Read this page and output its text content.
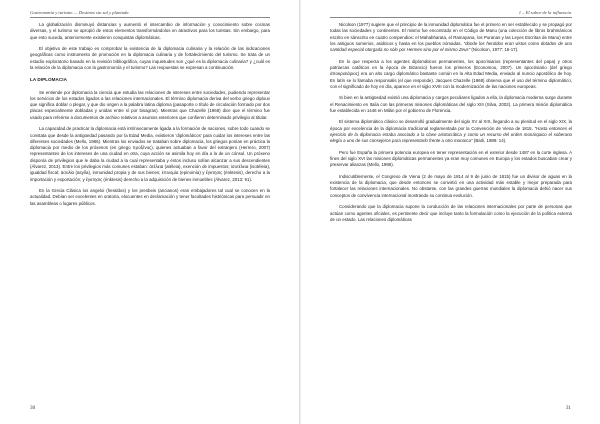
Gastronomía y turismo — Destinos sin sal y plantada

La globalización disminuyó distancias y aumentó el intercambio de información y conocimiento sobre cocinas diversas, y el turismo se apropió de estos elementos transformándolos en atractivos para los turistas. Sin embargo, para que esto suceda, anteriormente existieron conquistas diplomáticas.

El objetivo de este trabajo es comprobar la existencia de la diplomacia culinaria y la relación de las indicaciones geográficas como instrumento de promoción en la diplomacia culinaria y de fortalecimiento del turismo. Se trata de un estudio exploratorio basado en la revisión bibliográfica, cuyas inquietudes son ¿qué es la diplomacia culinaria? y ¿cuál es la relación de la diplomacia con la gastronomía y el turismo? Las respuestas se expresan a continuación.

LA DIPLOMACIA

Se entiende por diplomacia la ciencia que estudia las relaciones de intereses entre sociedades, pudiendo representar los servicios de los estados ligados a las relaciones internacionales. El término diplomacia deriva del verbo griego diplouν que significa doblar o plegar, y que dio origen a la palabra latina diploma (pasaporte o título de circulación formado por dos placas especialmente dobladas y unidas entre sí por bisagras). Mientras que Chazelle (1968) dice que el término fue usado para referirse a documentos de archivo relativos a asuntos exteriores que confieren determinado privilegio al titular.

La capacidad de practicar la diplomacia está intrínsecamente ligada a la formación de naciones, sobre todo cuando se constata que desde la antigüedad pasando por la Edad Media, existieron 'diplomáticos' para cuidar los intereses entre las diferentes sociedades (Mello, 1986). Mientras los enviados se trataban sobre diplomacia, los griegos ponían en práctica la diplomacia por medio de los próxenos (en griego προξένος), quienes actuaban a favor del extranjero (Herrero, 2007) representantes de los intereses de una ciudad en otra, cuya acción se asimila hoy en día a la de un cónsul. Un próxeno disponía de privilegios que le daba la ciudad a la cual representaba y éstos incluso solían alcanzar a sus descendientes (Álvarez, 2013). Entre los privilegios más comunes estaban: ἀτέλεια (atéleia), exención de impuestos; ἰσοτέλεια (isotéleia), igualdad fiscal; ἀσυλία (asylía), inmunidad propia y de sus bienes; ἐπινομία (epinomía) y ἔγκτησις (énktesis), derecho a la importación y exportación; y ἔγκτησις (énktesis) derecho a la adquisición de bienes inmuebles (Álvarez, 2013: 91).

En la Grecia Clásica los angeloi (heraldos) y los presbeis (ancianos) eran embajadores tal cual se conocen en la actualidad. Debían ser excelentes en oratoria, elocuentes en declamación y tener facultades histriónicas para persuadir en las asambleas o lugares públicos.

30
1 – El sabor de la influencia

Nicolson (1977) sugiere que el principio de la inmunidad diplomática fue el primero en ser establecido y se propagó por todas las sociedades y continentes. El mismo fue encontrado en el Código de Manu (una colección de libros brahmánicos escrito en sánscrito en cuatro compendios: el Mahabharata, el Ramayana, los Puranas y las Leyes Escritas de Manu) entre los antiguos sumerios, asiáticos y hasta en los pueblos nómadas. "donde los heraldos eran vistos como dotados de una santidad especial otorgada no sólo por Hermes sino por el mismo Zeus" (Nicolson, 1977: 16-17).

En lo que respecta a los agentes diplomáticos permanentes, los apocrisiarios (representantes del papa) y otros patriarcas católicos en la época de Bizancio) fueron los primeros (Economou, 2007). Un apocrisiario (del griego ἀποκρισιάριος) era un alto cargo diplomático bastante común en la Alta Edad Media, enviado al nuncio apostólico de hoy. En latín se lo llamaba responsalis (el que responde). Jacques Chazelle (1968) observa que el uso del término diplomático, con el significado de hoy en día, aparece en el siglo XVIII con la modernización de las naciones europeas.

Si bien en la antigüedad existió una diplomacia y cargos peculiares ligados a ella, la diplomacia moderna surge durante el Renacimiento en Italia con las primeras misiones diplomáticas del siglo XIII (Silva, 2002). La primera misión diplomática fue establecida en 1446 en Milán por el gobierno de Florencia.

El sistema diplomático clásico se desarrolló gradualmente del siglo XV al XIX, llegando a su plenitud en el siglo XIX, la época por excelencia de la diplomacia tradicional reglamentada por la Convención de Viena de 1815. "Hasta entonces el ejercicio de la diplomacia estaba asociado a la clase aristocrática y como un recurso del orden monárquico el soberano elegía a uno de sus consejeros para representarlo frente a otro monarca" (Barli, 1989: 14).

Pero fue España la primera potencia europea en tener representación en el exterior desde 1487 en la corte inglesa. A fines del siglo XVI las misiones diplomáticas permanentes ya eran muy comunes en Europa y los estados buscaban crear y preservar alianzas (Mello, 1986).

Indiscutiblemente, el Congreso de Viena (2 de mayo de 1814 al 9 de junio de 1815) fue un divisor de aguas en la existencia de la diplomacia, que desde entonces se convirtió en una actividad más estable y mejor preparada para fortalecer las relaciones internacionales. No obstante, con las grandes guerras mundiales la diplomacia debió nacer sus conceptos de convivencia internacional mostrando su continua evolución.

Considerando que la diplomacia supone la conducción de las relaciones internacionales por parte de personas que actúan como agentes oficiales, es pertinente decir que incluye tanto la formulación como la ejecución de la política externa de un estado. Las relaciones diplomáticas

31
